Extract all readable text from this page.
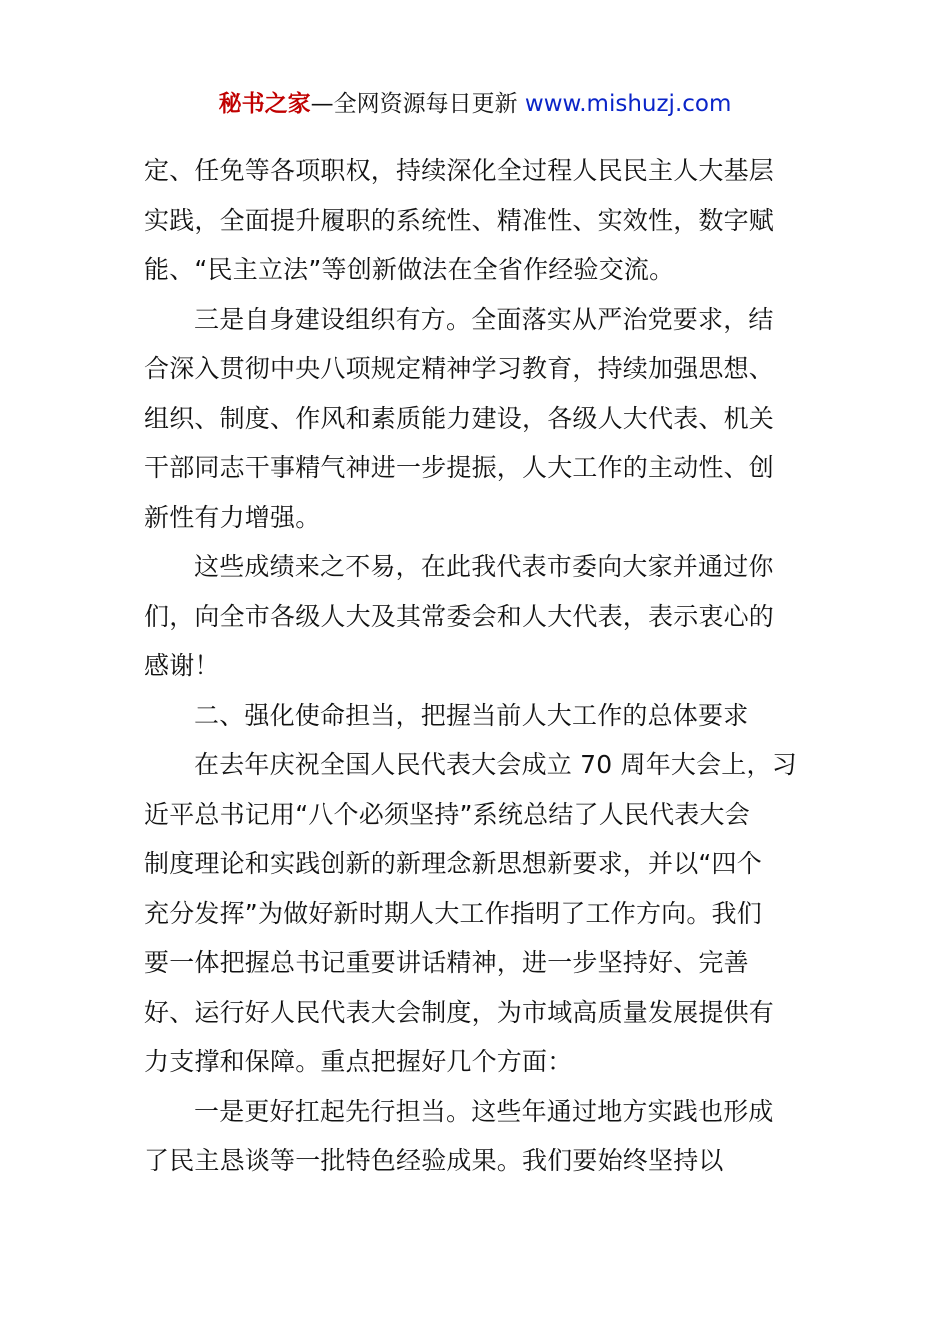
秘书之家—全网资源每日更新 www.mishuzj.com
定、任免等各项职权，持续深化全过程人民民主人大基层
实践，全面提升履职的系统性、精准性、实效性，数字赋
能、“民主立法”等创新做法在全省作经验交流。
三是自身建设组织有方。全面落实从严治党要求，结
合深入贯彻中央八项规定精神学习教育，持续加强思想、
组织、制度、作风和素质能力建设，各级人大代表、机关
干部同志干事精气神进一步提振，人大工作的主动性、创
新性有力增强。
这些成绩来之不易，在此我代表市委向大家并通过你
们，向全市各级人大及其常委会和人大代表，表示衷心的
感谢！
二、强化使命担当，把握当前人大工作的总体要求
在去年庆祝全国人民代表大会成立 70 周年大会上，习
近平总书记用“八个必须坚持”系统总结了人民代表大会
制度理论和实践创新的新理念新思想新要求，并以“四个
充分发挥”为做好新时期人大工作指明了工作方向。我们
要一体把握总书记重要讲话精神，进一步坚持好、完善
好、运行好人民代表大会制度，为市域高质量发展提供有
力支撑和保障。重点把握好几个方面：
一是更好扛起先行担当。这些年通过地方实践也形成
了民主恳谈等一批特色经验成果。我们要始终坚持以
